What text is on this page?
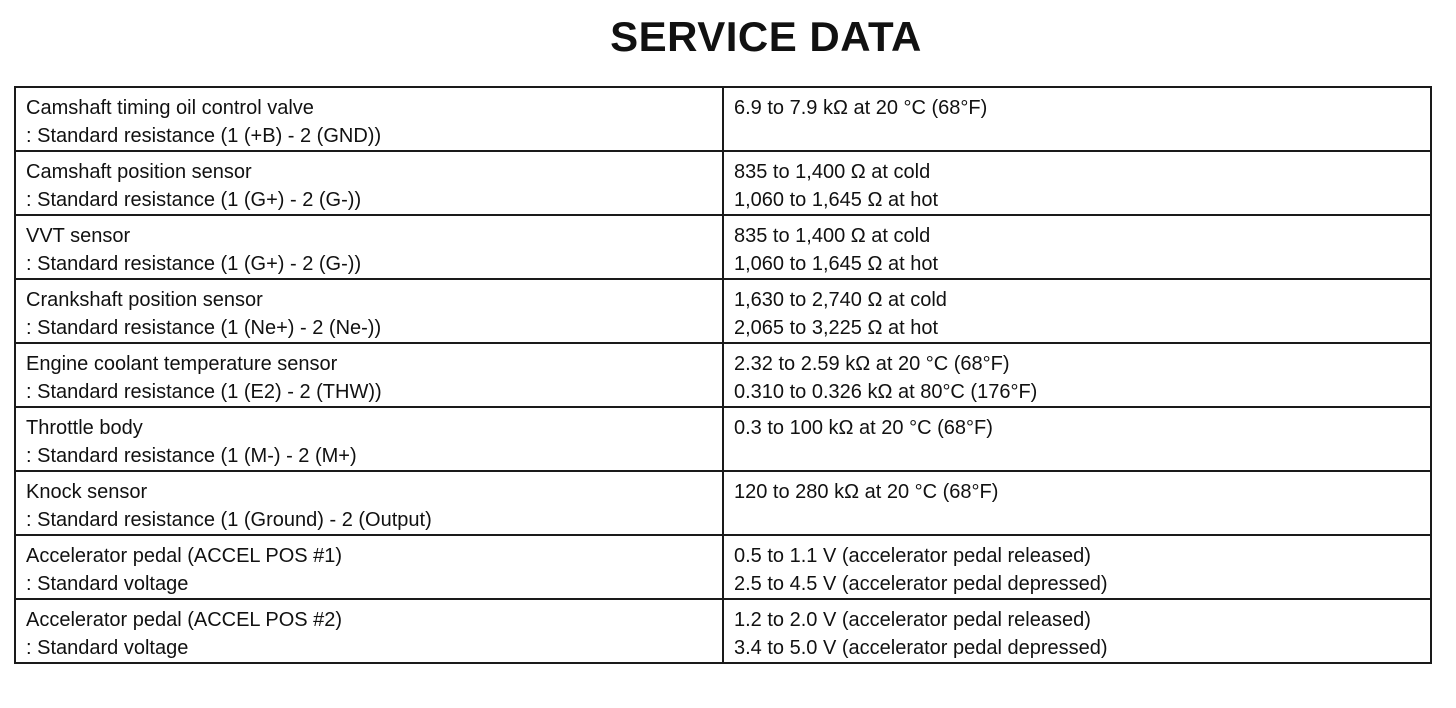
SERVICE DATA
Camshaft timing oil control valve
: Standard resistance (1 (+B) - 2 (GND))	6.9 to 7.9 kΩ at 20 °C (68°F)

Camshaft position sensor
: Standard resistance (1 (G+) - 2 (G-))	835 to 1,400 Ω at cold
1,060 to 1,645 Ω at hot

VVT sensor
: Standard resistance (1 (G+) - 2 (G-))	835 to 1,400 Ω at cold
1,060 to 1,645 Ω at hot

Crankshaft position sensor
: Standard resistance (1 (Ne+) - 2 (Ne-))	1,630 to 2,740 Ω at cold
2,065 to 3,225 Ω at hot

Engine coolant temperature sensor
: Standard resistance (1 (E2) - 2 (THW))	2.32 to 2.59 kΩ at 20 °C (68°F)
0.310 to 0.326 kΩ at 80°C (176°F)

Throttle body
: Standard resistance (1 (M-) - 2 (M+)	0.3 to 100 kΩ at 20 °C (68°F)

Knock sensor
: Standard resistance (1 (Ground) - 2 (Output)	120 to 280 kΩ at 20 °C (68°F)

Accelerator pedal (ACCEL POS #1)
: Standard voltage	0.5 to 1.1 V (accelerator pedal released)
2.5 to 4.5 V (accelerator pedal depressed)

Accelerator pedal (ACCEL POS #2)
: Standard voltage	1.2 to 2.0 V (accelerator pedal released)
3.4 to 5.0 V (accelerator pedal depressed)
